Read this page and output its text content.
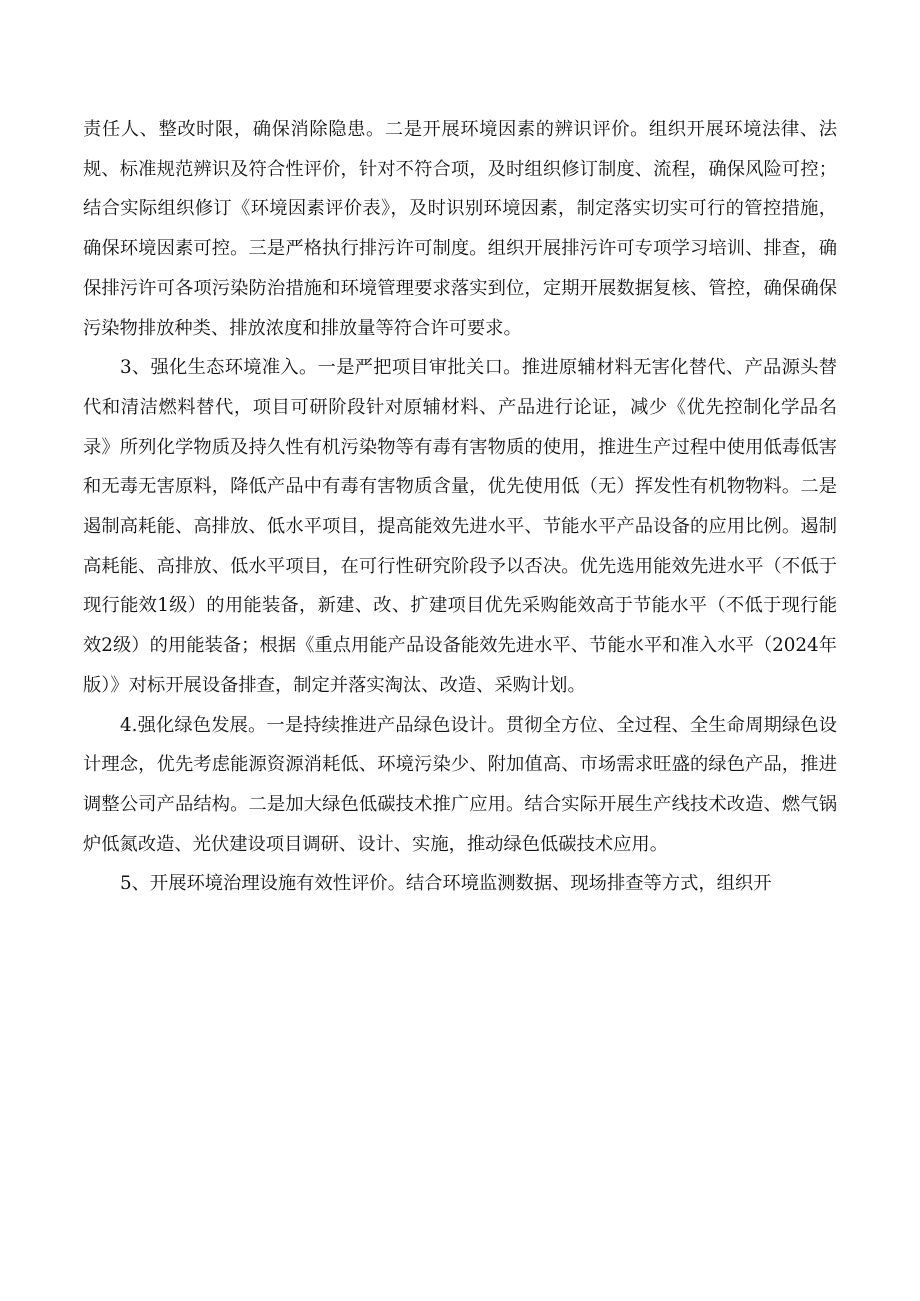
责任人、整改时限，确保消除隐患。二是开展环境因素的辨识评价。组织开展环境法律、法规、标准规范辨识及符合性评价，针对不符合项，及时组织修订制度、流程，确保风险可控；结合实际组织修订《环境因素评价表》，及时识别环境因素，制定落实切实可行的管控措施，确保环境因素可控。三是严格执行排污许可制度。组织开展排污许可专项学习培训、排查，确保排污许可各项污染防治措施和环境管理要求落实到位，定期开展数据复核、管控，确保确保污染物排放种类、排放浓度和排放量等符合许可要求。

3、强化生态环境准入。一是严把项目审批关口。推进原辅材料无害化替代、产品源头替代和清洁燃料替代，项目可研阶段针对原辅材料、产品进行论证，减少《优先控制化学品名录》所列化学物质及持久性有机污染物等有毒有害物质的使用，推进生产过程中使用低毒低害和无毒无害原料，降低产品中有毒有害物质含量，优先使用低（无）挥发性有机物物料。二是遏制高耗能、高排放、低水平项目，提高能效先进水平、节能水平产品设备的应用比例。遏制高耗能、高排放、低水平项目，在可行性研究阶段予以否决。优先选用能效先进水平（不低于现行能效1级）的用能装备，新建、改、扩建项目优先采购能效高于节能水平（不低于现行能效2级）的用能装备；根据《重点用能产品设备能效先进水平、节能水平和准入水平（2024年版）》对标开展设备排查，制定并落实淘汰、改造、采购计划。

4.强化绿色发展。一是持续推进产品绿色设计。贯彻全方位、全过程、全生命周期绿色设计理念，优先考虑能源资源消耗低、环境污染少、附加值高、市场需求旺盛的绿色产品，推进调整公司产品结构。二是加大绿色低碳技术推广应用。结合实际开展生产线技术改造、燃气锅炉低氮改造、光伏建设项目调研、设计、实施，推动绿色低碳技术应用。

5、开展环境治理设施有效性评价。结合环境监测数据、现场排查等方式，组织开
